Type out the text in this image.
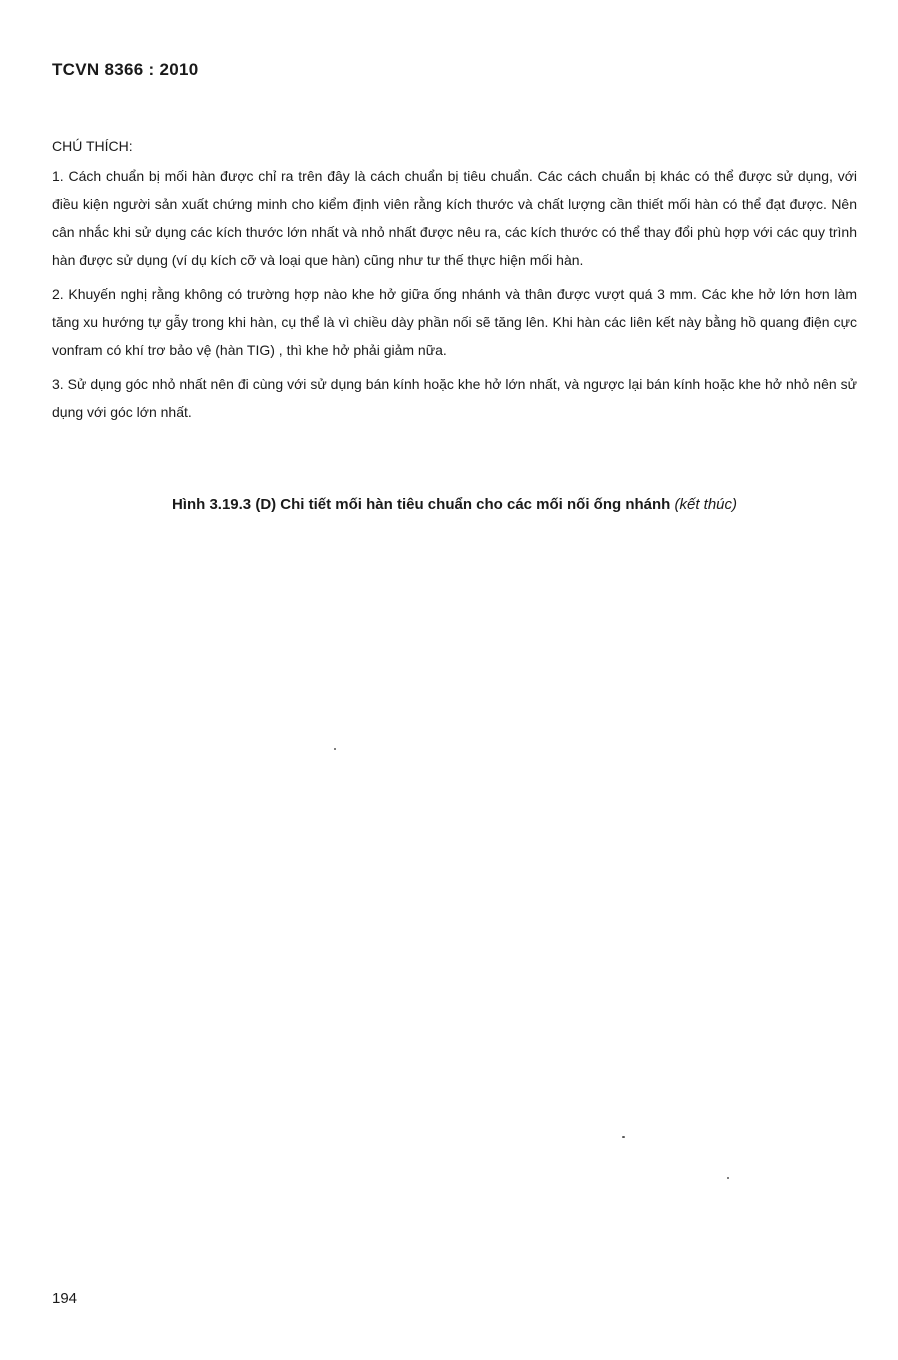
TCVN 8366 : 2010
CHÚ THÍCH:

1. Cách chuẩn bị mối hàn được chỉ ra trên đây là cách chuẩn bị tiêu chuẩn. Các cách chuẩn bị khác có thể được sử dụng, với điều kiện người sản xuất chứng minh cho kiểm định viên rằng kích thước và chất lượng cần thiết mối hàn có thể đạt được. Nên cân nhắc khi sử dụng các kích thước lớn nhất và nhỏ nhất được nêu ra, các kích thước có thể thay đổi phù hợp với các quy trình hàn được sử dụng (ví dụ kích cỡ và loại que hàn) cũng như tư thế thực hiện mối hàn.

2. Khuyến nghị rằng không có trường hợp nào khe hở giữa ống nhánh và thân được vượt quá 3 mm. Các khe hở lớn hơn làm tăng xu hướng tự gẫy trong khi hàn, cụ thể là vì chiều dày phần nối sẽ tăng lên. Khi hàn các liên kết này bằng hồ quang điện cực vonfram có khí trơ bảo vệ (hàn TIG) , thì khe hở phải giảm nữa.

3. Sử dụng góc nhỏ nhất nên đi cùng với sử dụng bán kính hoặc khe hở lớn nhất, và ngược lại bán kính hoặc khe hở nhỏ nên sử dụng với góc lớn nhất.

Hình 3.19.3 (D) Chi tiết mối hàn tiêu chuẩn cho các mối nối ống nhánh (kết thúc)
194
